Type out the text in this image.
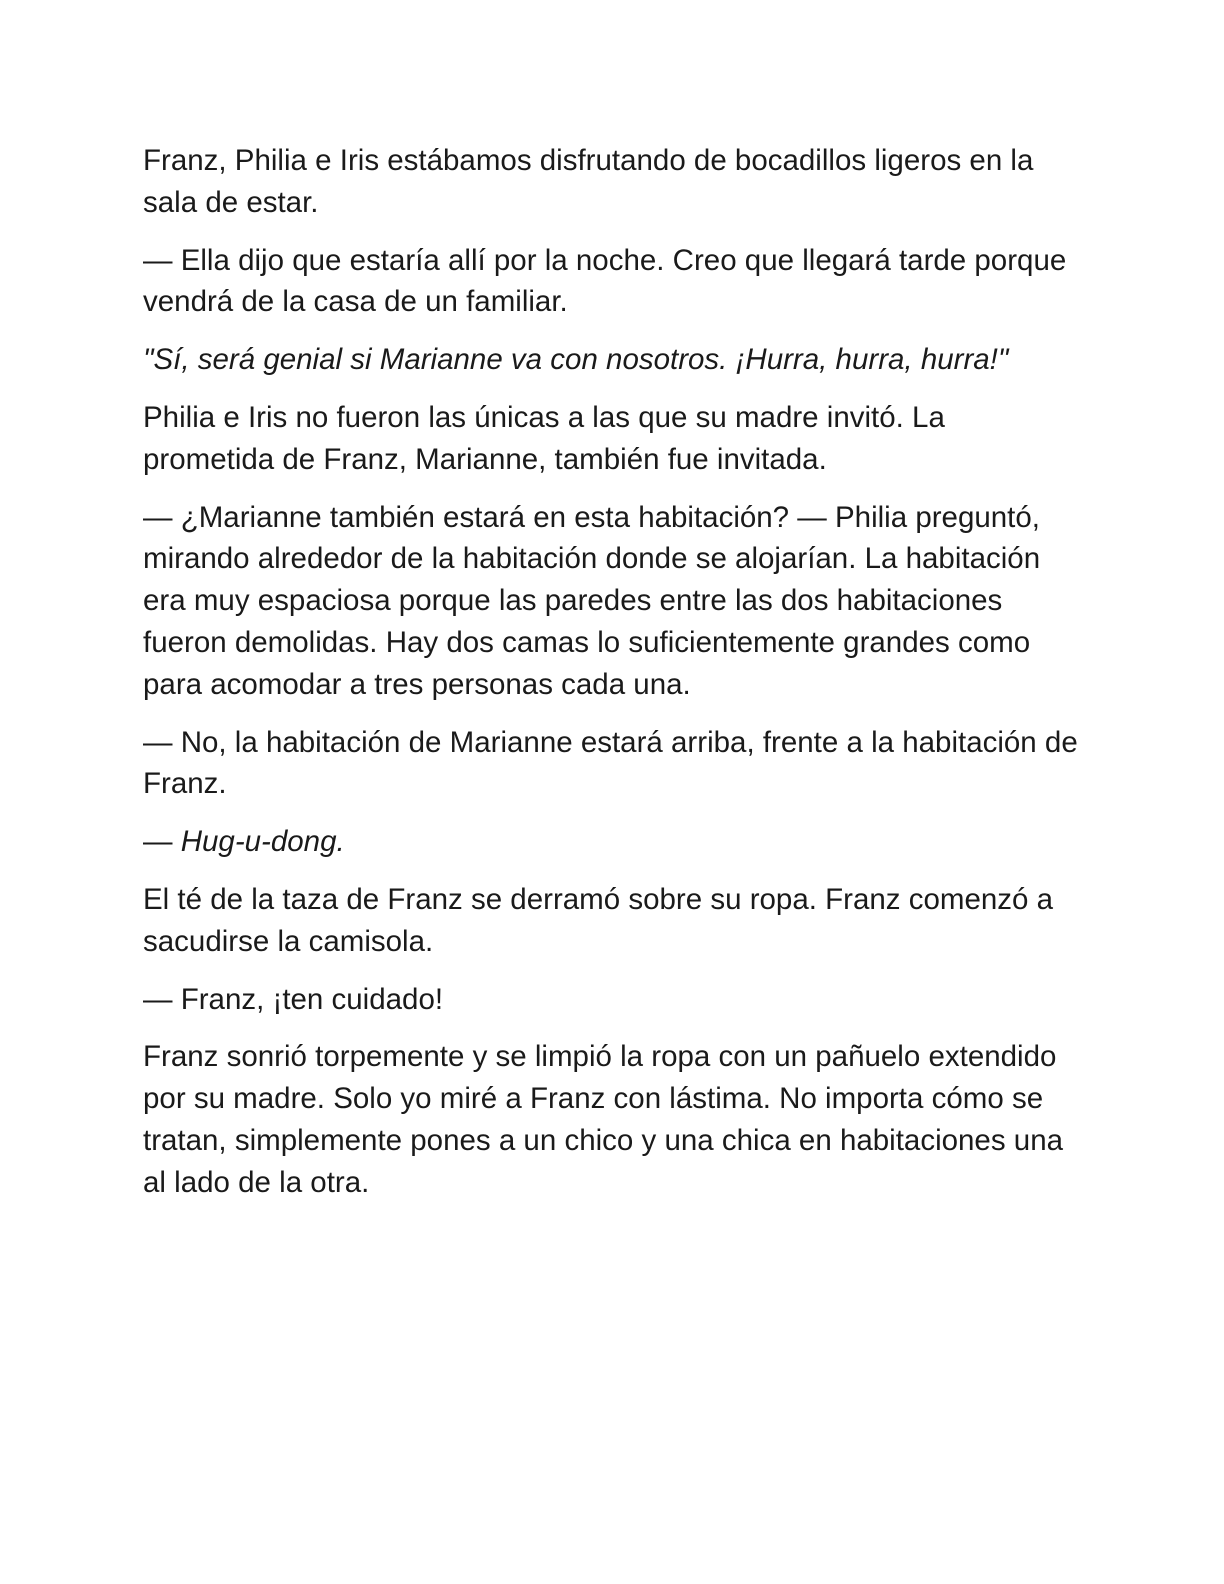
Franz, Philia e Iris estábamos disfrutando de bocadillos ligeros en la sala de estar.

— Ella dijo que estaría allí por la noche. Creo que llegará tarde porque vendrá de la casa de un familiar.

"Sí, será genial si Marianne va con nosotros. ¡Hurra, hurra, hurra!"

Philia e Iris no fueron las únicas a las que su madre invitó. La prometida de Franz, Marianne, también fue invitada.

— ¿Marianne también estará en esta habitación? — Philia preguntó, mirando alrededor de la habitación donde se alojarían. La habitación era muy espaciosa porque las paredes entre las dos habitaciones fueron demolidas. Hay dos camas lo suficientemente grandes como para acomodar a tres personas cada una.

— No, la habitación de Marianne estará arriba, frente a la habitación de Franz.

— Hug-u-dong.

El té de la taza de Franz se derramó sobre su ropa. Franz comenzó a sacudirse la camisola.

— Franz, ¡ten cuidado!

Franz sonrió torpemente y se limpió la ropa con un pañuelo extendido por su madre. Solo yo miré a Franz con lástima. No importa cómo se tratan, simplemente pones a un chico y una chica en habitaciones una al lado de la otra.
